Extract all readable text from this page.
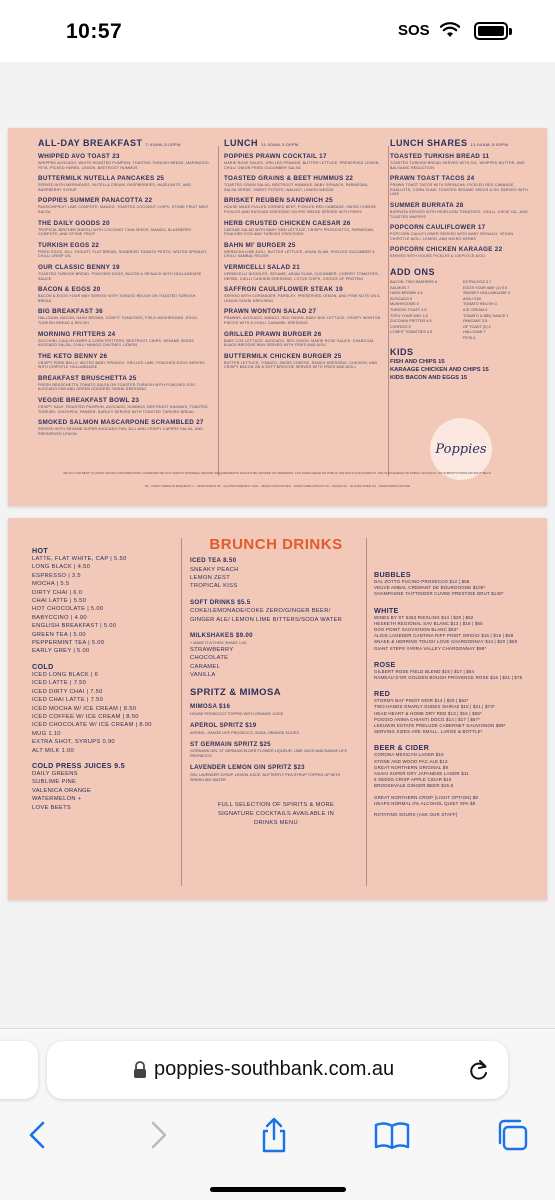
10:57	SOS
ALL-DAY BREAKFAST 7:00AM-3:00PM
WHIPPED AVO TOAST 23
WHIPPED AVOCADO, WHITE ROASTED PUMPKIN, TOASTED TURKISH BREAD, MARINATED FETA, PICKED HERBS, LEMON, BEETROOT HUMMUS
BUTTERMILK NUTELLA PANCAKES 25
SERVED WITH MERINGUES, NUTELLA CREAM, RASPBERRIES, HAZELNUTS, AND RASPBERRY SYRUP
POPPIES SUMMER PANACOTTA 22
PASSIONFRUIT LIME COMPOTE, MANGO, TOASTED COCONUT CHIPS, STONE FRUIT MINT SALSA
THE DAILY GOODS 20
TROPICAL BIRCHER MUESLI WITH COCONUT CHIA SEEDS, MANGO, BLUEBERRY COMPOTE, AND STONE FRUIT
TURKISH EGGS 22
FRIED EGGS, DILL YOGURT, FLAT BREAD, SUNDRIED TOMATO PESTO, WILTED SPINACH, CHILLI CRISP OIL
OUR CLASSIC BENNY 19
TOASTED TURKISH BREAD, POACHED EGGS, BACON & SPINACH WITH HOLLANDAISE SAUCE
BACON & EGGS 20
BACON & EGGS YOUR WAY SERVED WITH TOMATO RELISH ON TOASTED TURKISH BREAD
BIG BREAKFAST 36
HALLOUMI, BACON, HASH BROWN, CONFIT TOMATOES, FIELD MUSHROOMS, EGGS, TURKISH BREAD & RELISH
MORNING FRITTERS 24
ZUCCHINI, CAULIFLOWER & CORN FRITTERS, BEETROOT CHIPS, SESAME SEEDS AVOCADO SALSA, CHILLI MANGO CHUTNEY, LEMON
THE KETO BENNY 26
CRISPY PORK BELLY, WILTED BABY SPINACH, GRILLED LIME, POACHED EGGS SERVED WITH CHIPOTLE HOLLANDAISE
BREAKFAST BRUSCHETTA 25
FRESH BRUSCHETTA TOMATO SALSA ON TOASTED TURKISH WITH POACHED EGG AVOCADO PAN AND GREEN GODDESS TAHINI DRESSING
VEGGIE BREAKFAST BOWL 23
CRISPY KALE, ROASTED PUMPKIN, AVOCADO, HUMMUS, BEETROOT HUMMUS, TOASTED TURKISH, CHICKPEA, PANEER, BARLEY SERVED WITH TOASTED TURKISH BREAD
SMOKED SALMON MASCARPONE SCRAMBLED 27
SERVED WITH SESAME-SUPER AVOCADO FAN, DILL AND CRISPY CAPERS SALSA, AND PRESERVED LEMON
LUNCH 11:00AM-3:00PM
POPPIES PRAWN COCKTAIL 17
MARIE ROSE SAUCE, GRILLED PRAWNS, BUTTER LETTUCE, PRESERVED LEMON, CHILLI ONION FRIED CUCUMBER SALSA
TOASTED GRAINS & BEET HUMMUS 22
TOASTED GRAIN SALAD, BEETROOT HUMMUS, BABY SPINACH, PARMESAN, SALSA VERDE, SWEET POTATO, WALNUT, LEMON WEDGE
BRISKET REUBEN SANDWICH 25
HOUSE MADE PULLED CORNED BEEF, PICKLED RED CABBAGE, SWISS CHEESE, PICKLES AND RUSSIAN DRESSING ON RYE BREAD SERVED WITH FRIES
HERB CRUSTED CHICKEN CAESAR 26
CAESAR SALAD WITH BABY GEM LETTUCE, CRISPY PROSCIUTTO, PARMESAN, POACHED EGG AND TURKISH CROUTONS
BAHN MI' BURGER 25
SRIRACHA LIME AIOLI, BUTTER LETTUCE, ASIAN SLAW, PICKLED CUCUMBER & CHILLI SAMBAL RELISH
VERMICELLI SALAD 21
VERMICELLI NOODLES, SESAME, ASIAN SLAW, CUCUMBER, CHERRY TOMATOES, HERBS, CHILLI CASHEW DRESSING, LOTUS CHIPS, CHOICE OF PROTEIN
SAFFRON CAULIFLOWER STEAK 19
SERVED WITH CORIANDER, PARSLEY, PRESERVED LEMON, AND PINE NUTS ON A LEMON TAHINI DRESSING
PRAWN WONTON SALAD 27
PRAWNS, AVOCADO, MANGO, RED ONION, BABY BOK LETTUCE, CRISPY WONTON PIECES WITH A CHILLI CARAMEL DRESSING
GRILLED PRAWN BURGER 26
BABY COS LETTUCE, AVOCADO, RED ONION, MARIE ROSE SAUCE, CHARCOAL BLACK BRIOCHE BUN SERVED WITH FRIES AND AIOLI
BUTTERMILK CHICKEN BURGER 25
BUTTER LETTUCE, TOMATO, SWISS CHEESE, RANCH DRESSING, CHICKEN, AND CRISPY BACON ON A SOFT BRIOCHE SERVED WITH FRIES AND AIOLI
LUNCH SHARES 11:00AM-3:00PM
TOASTED TURKISH BREAD 11
TOASTED TURKISH BREAD SERVED WITH OIL, WHIPPED BUTTER, AND BALSAMIC REDUCTION
PRAWN TOAST TACOS 24
PRAWN TOAST TACOS WITH SRIRACHA, PICKLED RED CABBAGE, SHALLOTS, CORN SLAW, TOASTED SESAME SEEDS & OIL SERVED WITH LIME
SUMMER BURRATA 28
BURRATA SERVED WITH HEIRLOOM TOMATOES, CHILLI, CHIVE OIL, AND TOASTED WAFERS
POPCORN CAULIFLOWER 17
POPCORN CAULIFLOWER SERVED WITH BABY SPINACH, VEGAN CHIPOTLE AIOLI, LEMON, AND MICRO HERBS
POPCORN CHICKEN KARAAGE 22
SERVED WITH HOUSE PICKLES & CHIPOTLE AIOLI
ADD ONS
BACON, TWO RASHERS 6
SALMON 7
HASH BROWN 4.5
AVOCADO 5
MUSHROOMS 5
TURKISH TOAST 4.5
TOFU YOUR WAY 4.5
ZUCCHINI FRITTER 4.5
CHORIZO 5
CONFIT TOMATOES 4.5
EXTRA EGG 3.7
EGGS YOUR WAY (2) 5.5
SMOKEY HOLLANDAISE 3
AIOLI 3.50
TOMATO RELISH 3
ICE CREAM 3
TOMATO & BBQ SAUCE 1
PANCAKE 3.5
OF TOAST (2) 4
HALLOUMI 7
FETA 4
KIDS
FISH AND CHIPS 15
KARAAGE CHICKEN AND CHIPS 15
KIDS BACON AND EGGS 15
Poppies
WE DO OUR BEST TO AVOID CROSS CONTAMINATION, HOWEVER WE NOT ALWAYS POSSIBLE. DIETARY REQUIREMENTS SHOULD BE ADVISED ON ORDERING. 10% SURCHARGE ON PUBLIC HOLIDAYS AND SUNDAYS. 15% SURCHARGE ON PUBLIC HOLIDAYS. NO SUBSTITUTIONS OR SPLIT BILLS.
DF - DAIRY FREE(ON REQUEST) V - VEGETARIAN GF - GLUTEN FRIENDLY VEG - VEGAN OPTION DFO - DAIRY FREE OPTION VG - VEGAN GF - GLUTEN FREE VO - VEGETARIAN OPTION
HOT
LATTE, FLAT WHITE, CAP | 5.50
LONG BLACK | 4.50
ESPRESSO | 3.5
MOCHA | 5.5
DIRTY CHAI | 6.0
CHAI LATTE | 5.50
HOT CHOCOLATE | 5.00
BABYCCINO | 4.00
ENGLISH BREAKFAST | 5.00
GREEN TEA | 5.00
PEPPERMINT TEA | 5.00
EARLY GREY | 5.00
COLD
ICED LONG BLACK | 6
ICED LATTE | 7.50
ICED DIRTY CHAI | 7.50
ICED CHAI LATTE | 7.50
ICED MOCHA W/ ICE CREAM | 8.50
ICED COFFEE W/ ICE CREAM | 8.50
ICED CHOCOLATE W/ ICE CREAM | 8.00
MUG 1.10
EXTRA SHOT, SYRUPS 0.90
ALT MILK 1.00
COLD PRESS JUICES 9.5
DAILY GREENS
SUBLIME PINE
VALENICA ORANGE
WATERMELON +
LOVE BEETS
BRUNCH DRINKS
ICED TEA 8.50
SNEAKY PEACH
LEMON ZEST
TROPICAL KISS
SOFT DRINKS $5.5
COKE/LEMONADE/COKE ZERO/GINGER BEER/
GINGER ALE/ LEMON LIME BITTERS/SODA WATER
MILKSHAKES $9.00
+ MAKE IT A THICK SHAKE 1.00
STRAWBERRY
CHOCOLATE
CARAMEL
VANILLA
SPRITZ & MIMOSA
MIMOSA $16
HOUSE PROSECCO TOPPED WITH ORANGE JUICE
APEROL SPRITZ $19
APEROL, RANGE LIFE PROSECCO, SODA, ORANGE SLICES
ST GERMAIN SPRITZ $25
GORDANS GIN, ST GERMAIN ELDER FLOWER LIQUEUR, LIME JUICE AND RANGE LIFE PROSECCO
LAVENDER LEMON GIN SPRITZ $23
GIN, LAVENDER SYRUP, LEMON JUICE, BUTTERFLY PEA SYRUP TOPPED UP WITH SPARKLING WATER
FULL SELECTION OF SPIRITS & MORE
SIGNATURE COCKTAILS AVAILABLE IN
DRINKS MENU
BUBBLES
DAL ZOTTO PUCINO PROSECCO $12 | $55
VEUVE AMBAL CREMANT DE BOURGOGNE $105*
CHAMPAGNE TAITTINGER CUVEE PRESTIGE BRUT $140*
WHITE
WINES BY ST 5453 RIESLING $14 | $20 | $62
HESKETH REGIONAL SAV BLANC $13 | $18 | $55
DOG POINT SAUVIGNON BLANC $83*
ALOIS LAGEDER CANTINA RIFF PINOT GRIGIO $16 | $19 | $59
SNAKE & HERRING TOUGH LOVE CHARDONNAY $14 | $20 | $60
GIANT STEPS YARRA VALLEY CHARDONNAY $98*
ROSE
GILBERT ROSE FIELD BLEND $15 | $17 | $54
RAMEAU D'OR GOLDEN BOUGH PROVENCE ROSE $16 | $21 | $75
RED
STORMY BAY PINOT NOIR $14 | $20 | $62*
TWO HANDS GNARLY DUDES SHIRAZ $15 | $21 | $73*
HEAD HEART & HOME DRY RED $13 | $16 | $55*
POGGIO ANIMA CHIANTI DOCG $14 | $17 | $57*
LEEUWIN ESTATE PRELUDE CABERNET SAUVIGNON $89*
SERVING SIZES ARE SMALL, LARGE & BOTTLE*
BEER & CIDER
CORONA MEXICAN LAGER $10
STONE AND WOOD PAC ALE $13
GREAT NORTHERN ORIGINAL $9
ASAHI SUPER DRY JAPANESE LAGER $11
5 SEEDS CRISP APPLE CIDAR $10
BROOKEVALE GINGER BEER $15.5
GREAT NORTHERN CRISP (LIGHT OPTION) $8
HEAPS NORMAL 0% ALCOHOL QUIET XPA $9
ROTATING SOURS (ASK OUR STAFF)
poppies-southbank.com.au
